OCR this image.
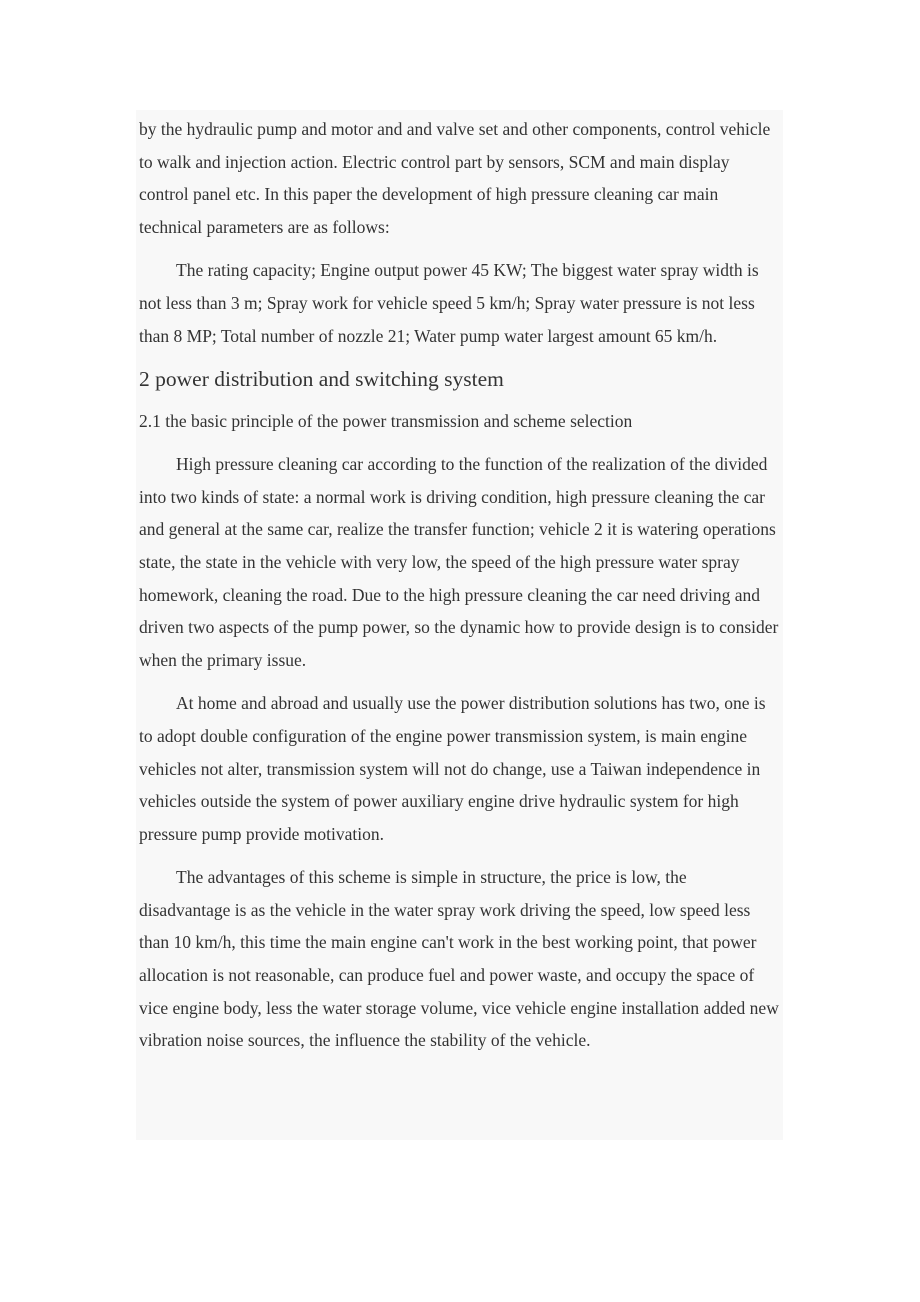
by the hydraulic pump and motor and and valve set and other components, control vehicle to walk and injection action. Electric control part by sensors, SCM and main display control panel etc. In this paper the development of high pressure cleaning car main technical parameters are as follows:

The rating capacity; Engine output power 45 KW; The biggest water spray width is not less than 3 m; Spray work for vehicle speed 5 km/h; Spray water pressure is not less than 8 MP; Total number of nozzle 21; Water pump water largest amount 65 km/h.

2 power distribution and switching system
2.1 the basic principle of the power transmission and scheme selection

High pressure cleaning car according to the function of the realization of the divided into two kinds of state: a normal work is driving condition, high pressure cleaning the car and general at the same car, realize the transfer function; vehicle 2 it is watering operations state, the state in the vehicle with very low, the speed of the high pressure water spray homework, cleaning the road. Due to the high pressure cleaning the car need driving and driven two aspects of the pump power, so the dynamic how to provide design is to consider when the primary issue.

At home and abroad and usually use the power distribution solutions has two, one is to adopt double configuration of the engine power transmission system, is main engine vehicles not alter, transmission system will not do change, use a Taiwan independence in vehicles outside the system of power auxiliary engine drive hydraulic system for high pressure pump provide motivation.

The advantages of this scheme is simple in structure, the price is low, the disadvantage is as the vehicle in the water spray work driving the speed, low speed less than 10 km/h, this time the main engine can't work in the best working point, that power allocation is not reasonable, can produce fuel and power waste, and occupy the space of vice engine body, less the water storage volume, vice vehicle engine installation added new vibration noise sources, the influence the stability of the vehicle.
